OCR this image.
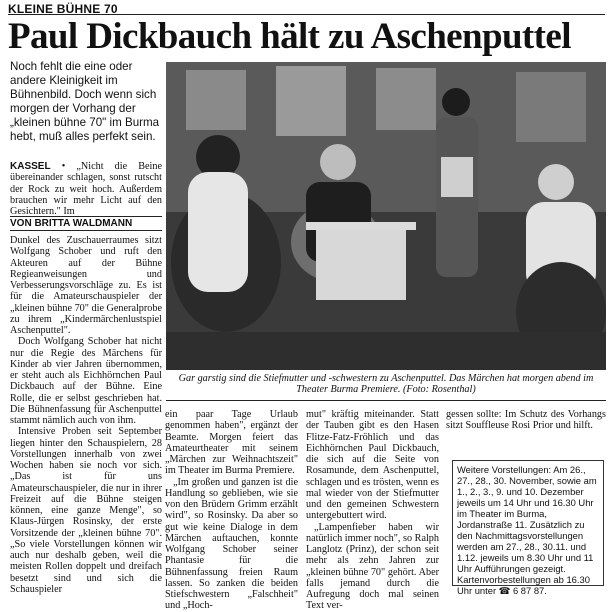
KLEINE BÜHNE 70
Paul Dickbauch hält zu Aschenputtel
Noch fehlt die eine oder andere Kleinigkeit im Bühnenbild. Doch wenn sich morgen der Vorhang der „kleinen bühne 70" im Burma hebt, muß alles perfekt sein.
KASSEL • „Nicht die Beine übereinander schlagen, sonst rutscht der Rock zu weit hoch. Außerdem brauchen wir mehr Licht auf den Gesichtern." Im
VON BRITTA WALDMANN

Dunkel des Zuschauerraumes sitzt Wolfgang Schober und ruft den Akteuren auf der Bühne Regieanweisungen und Verbesserungsvorschläge zu. Es ist für die Amateurschauspieler der „kleinen bühne 70" die Generalprobe zu ihrem „Kindermärchenlustspiel Aschenputtel".

Doch Wolfgang Schober hat nicht nur die Regie des Märchens für Kinder ab vier Jahren übernommen, er steht auch als Eichhörnchen Paul Dickbauch auf der Bühne. Eine Rolle, die er selbst geschrieben hat. Die Bühnenfassung für Aschenputtel stammt nämlich auch von ihm.

Intensive Proben seit September liegen hinter den Schauspielern, 28 Vorstellungen innerhalb von zwei Wochen haben sie noch vor sich. „Das ist für uns Amateurschauspieler, die nur in ihrer Freizeit auf die Bühne steigen können, eine ganze Menge", so Klaus-Jürgen Rosinsky, der erste Vorsitzende der „kleinen bühne 70". „So viele Vorstellungen können wir auch nur deshalb geben, weil die meisten Rollen doppelt und dreifach besetzt sind und sich die Schauspieler

Gar garstig sind die Stiefmutter und -schwestern zu Aschenputtel. Das Märchen hat morgen abend im Theater Burma Premiere. (Foto: Rosenthal)

ein paar Tage Urlaub genommen haben", ergänzt der Beamte. Morgen feiert das Amateurtheater mit seinem „Märchen zur Weihnachtszeit" im Theater im Burma Premiere.

„Im großen und ganzen ist die Handlung so geblieben, wie sie von den Brüdern Grimm erzählt wird", so Rosinsky. Da aber so gut wie keine Dialoge in dem Märchen auftauchen, konnte Wolfgang Schober seiner Phantasie für die Bühnenfassung freien Raum lassen. So zanken die beiden Stiefschwestern „Falschheit" und „Hoch-

mut" kräftig miteinander. Statt der Tauben gibt es den Hasen Flitze-Fatz-Fröhlich und das Eichhörnchen Paul Dickbauch, die sich auf die Seite von Rosamunde, dem Aschenputtel, schlagen und es trösten, wenn es mal wieder von der Stiefmutter und den gemeinen Schwestern untergebuttert wird.

„Lampenfieber haben wir natürlich immer noch", so Ralph Langlotz (Prinz), der schon seit mehr als zehn Jahren zur „kleinen bühne 70" gehört. Aber falls jemand durch die Aufregung doch mal seinen Text ver-

gessen sollte: Im Schutz des Vorhangs sitzt Souffleuse Rosi Prior und hilft.

Weitere Vorstellungen: Am 26., 27., 28., 30. November, sowie am 1., 2., 3., 9. und 10. Dezember jeweils um 14 Uhr und 16.30 Uhr im Theater im Burma, Jordanstraße 11. Zusätzlich zu den Nachmittagsvorstellungen werden am 27., 28., 30.11. und 1.12. jeweils um 8.30 Uhr und 11 Uhr Aufführungen gezeigt. Kartenvorbestellungen ab 16.30 Uhr unter ☎ 6 87 87.
